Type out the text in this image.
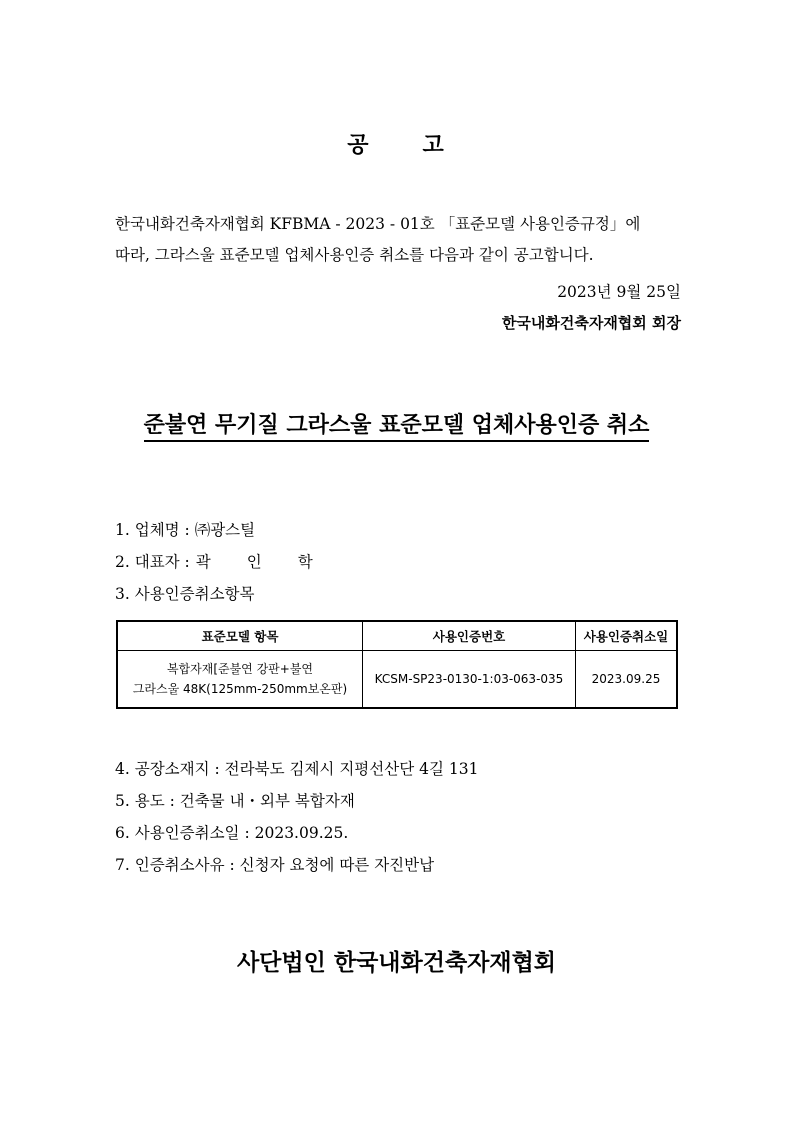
공 고
한국내화건축자재협회 KFBMA - 2023 - 01호 「표준모델 사용인증규정」에
따라, 그라스울 표준모델 업체사용인증 취소를 다음과 같이 공고합니다.
2023년 9월 25일
한국내화건축자재협회 회장
준불연 무기질 그라스울 표준모델 업체사용인증 취소
1. 업체명 : ㈜광스틸
2. 대표자 :곽 인 학
3. 사용인증취소항목
표준모델 항목	사용인증번호	사용인증취소일

복합자재[준불연 강판+불연
그라스울 48K(125mm-250mm보온판)	KCSM-SP23-0130-1:03-063-035	2023.09.25
4. 공장소재지 : 전라북도 김제시 지평선산단 4길 131
5. 용도 : 건축물 내・외부 복합자재
6. 사용인증취소일 : 2023.09.25.
7. 인증취소사유 : 신청자 요청에 따른 자진반납
사단법인 한국내화건축자재협회
